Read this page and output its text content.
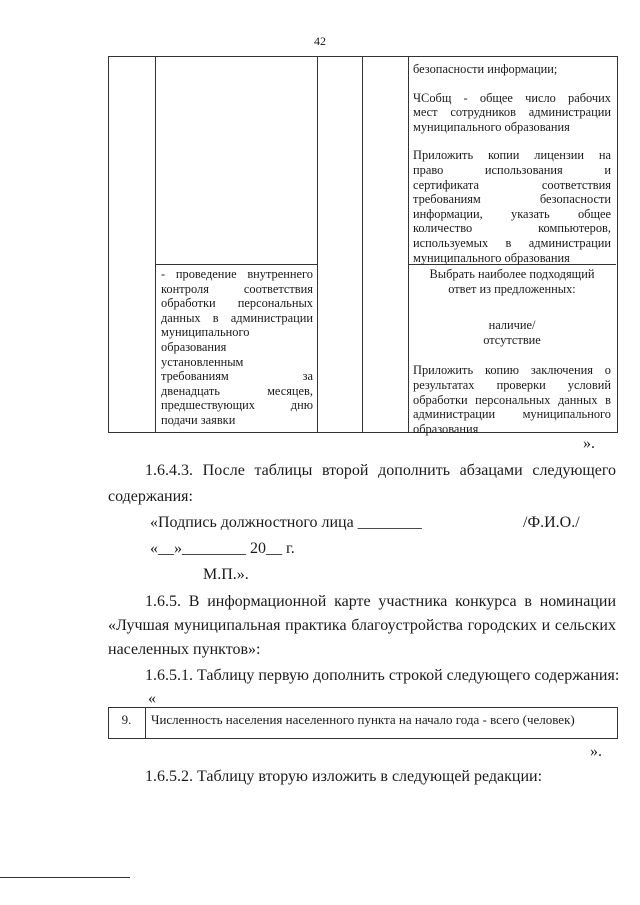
42
безопасности информации;
ЧСобщ - общее число рабочих
мест сотрудников администрации
муниципального образования
Приложить копии лицензии на
право использования и
сертификата соответствия
требованиям безопасности
информации, указать общее
количество компьютеров,
используемых в администрации
муниципального образования
- проведение внутреннего
контроля соответствия
обработки персональных
данных в администрации
муниципального
образования
установленным
требованиям за
двенадцать месяцев,
предшествующих дню
подачи заявки
Выбрать наиболее подходящий
ответ из предложенных:
наличие/
отсутствие
Приложить копию заключения о
результатах проверки условий
обработки персональных данных в
администрации муниципального
образования
».
1.6.4.3. После таблицы второй дополнить абзацами следующего
содержания:
«Подпись должностного лица ________	/Ф.И.О./
«__»________ 20__ г.
М.П.».
1.6.5. В информационной карте участника конкурса в номинации
«Лучшая муниципальная практика благоустройства городских и сельских
населенных пунктов»:
1.6.5.1. Таблицу первую дополнить строкой следующего содержания:
«
9.	Численность населения населенного пункта на начало года - всего (человек)
».
1.6.5.2. Таблицу вторую изложить в следующей редакции:
